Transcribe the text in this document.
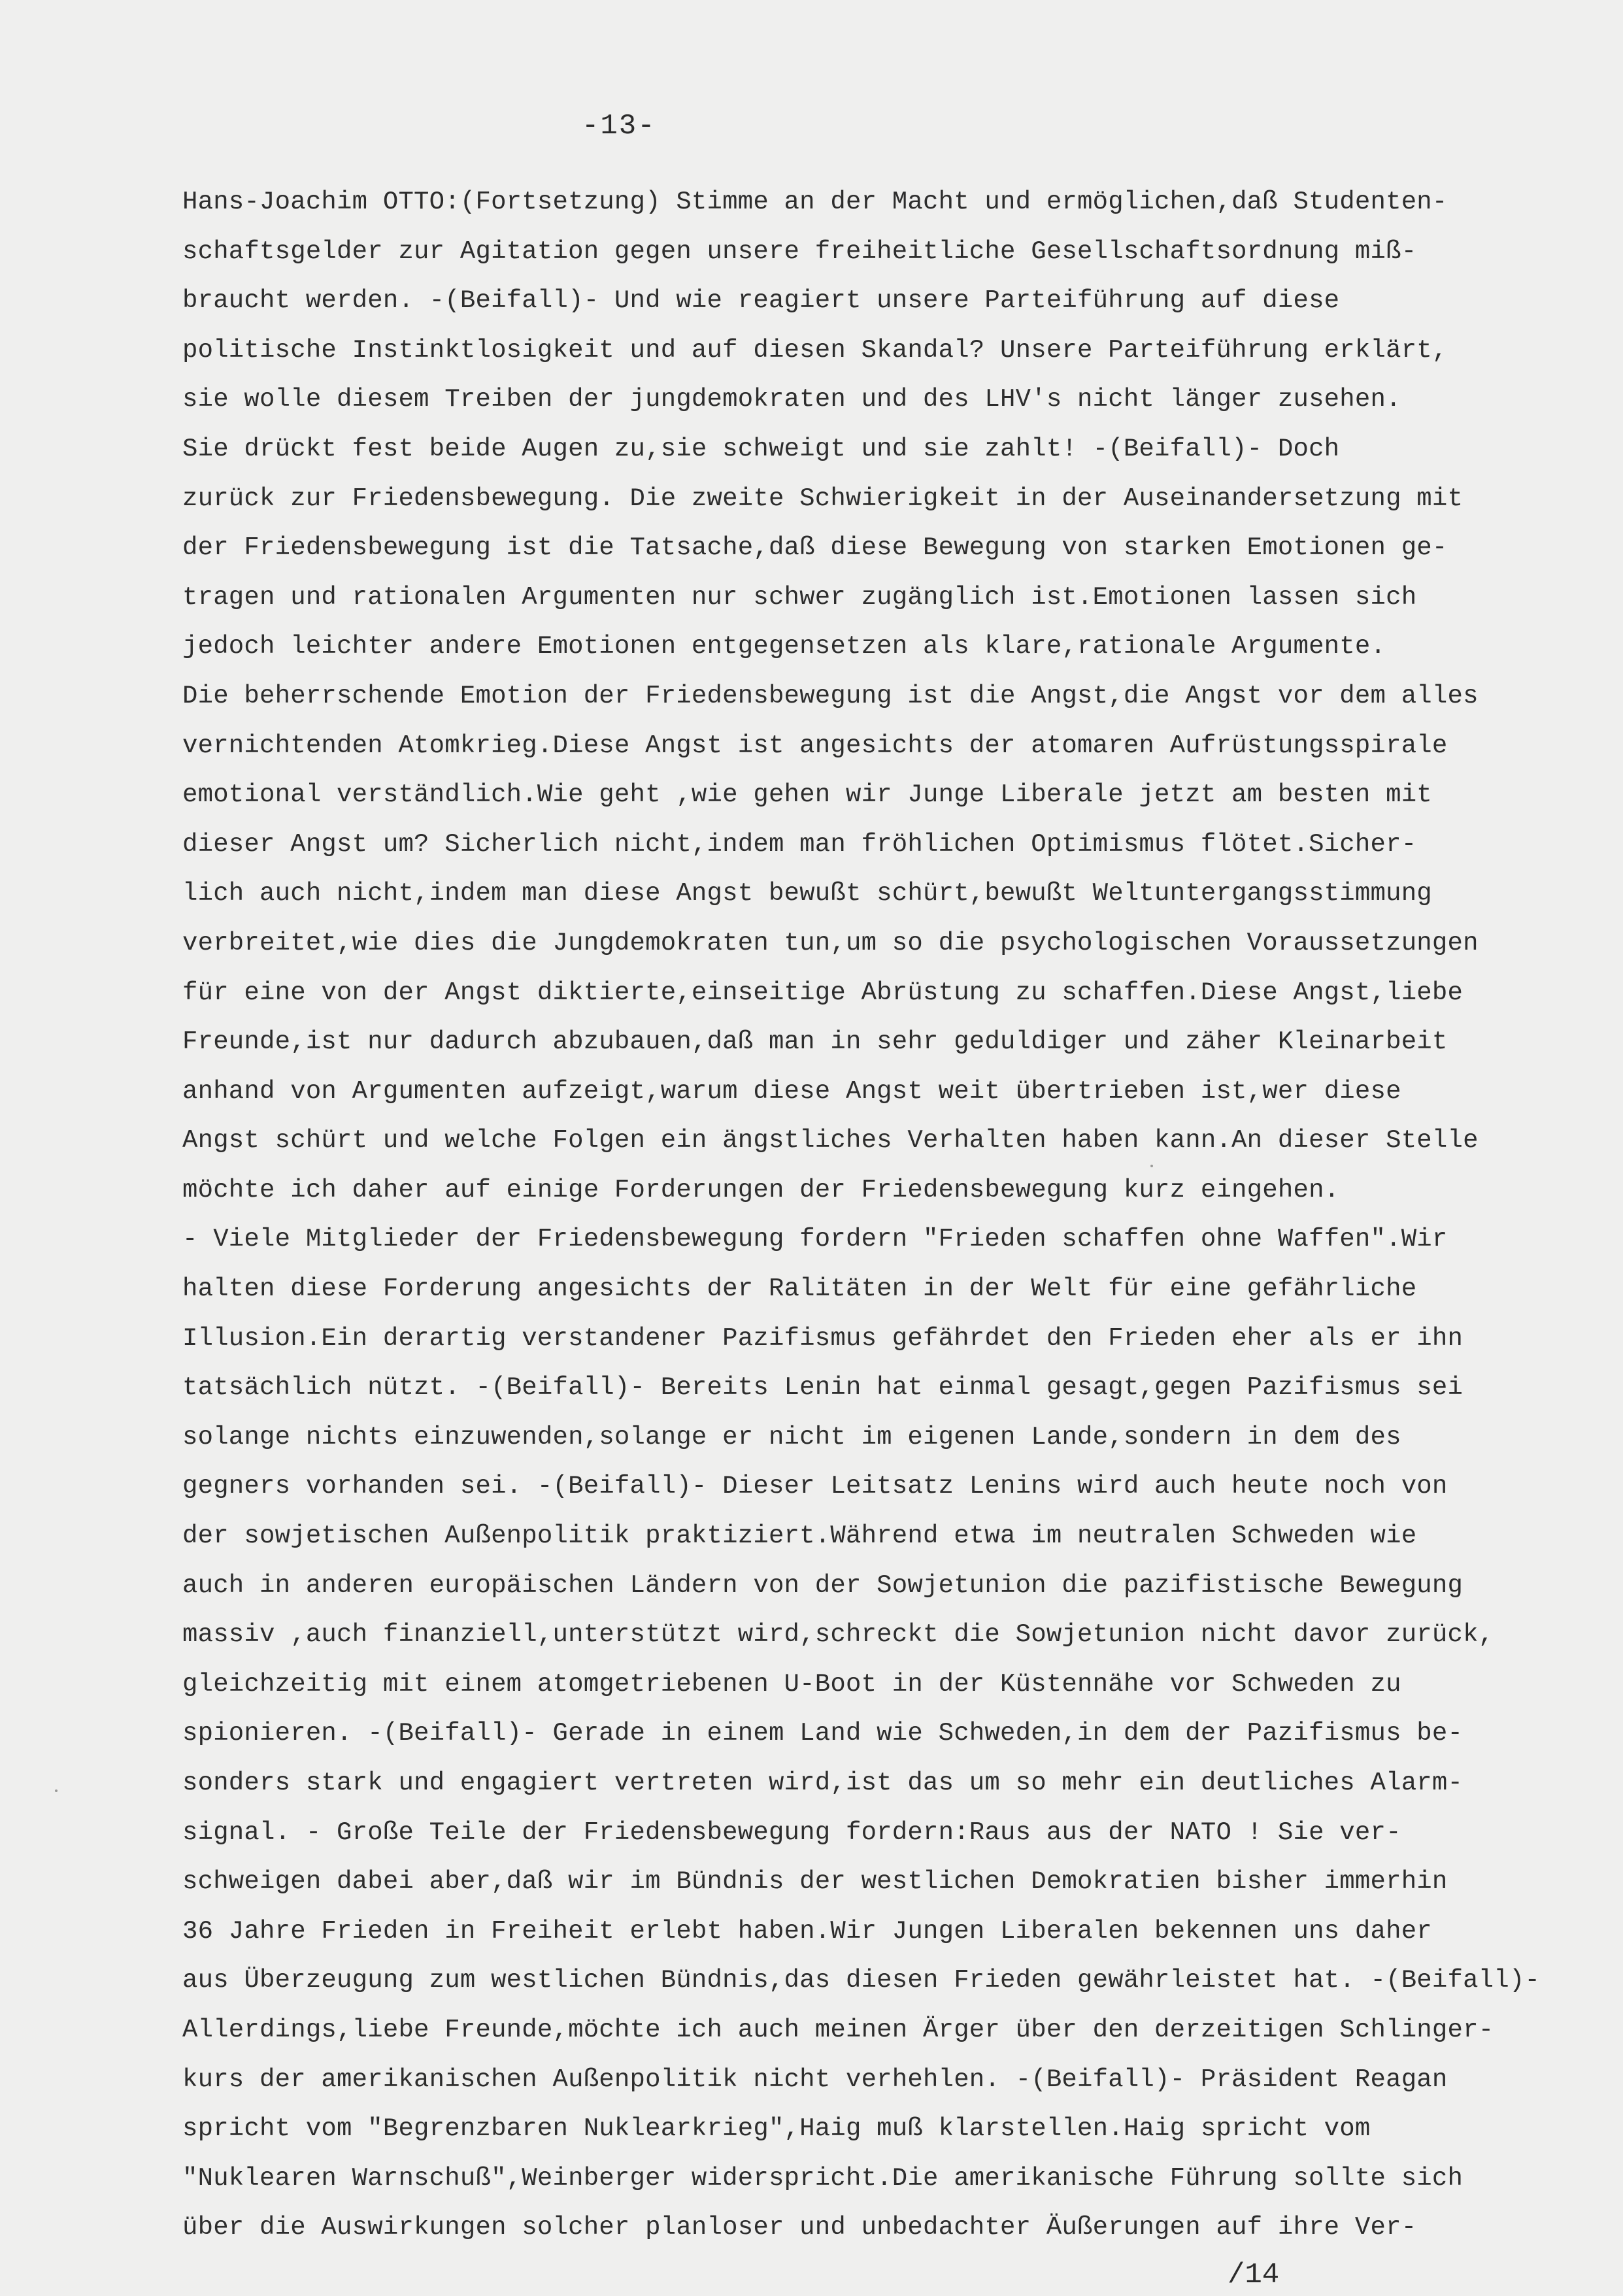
-13-

Hans-Joachim OTTO:(Fortsetzung) Stimme an der Macht und ermöglichen,daß Studenten-
schaftsgelder zur Agitation gegen unsere freiheitliche Gesellschaftsordnung miß-
braucht werden. -(Beifall)- Und wie reagiert unsere Parteiführung auf diese
politische Instinktlosigkeit und auf diesen Skandal? Unsere Parteiführung erklärt,
sie wolle diesem Treiben der jungdemokraten und des LHV's nicht länger zusehen.
Sie drückt fest beide Augen zu,sie schweigt und sie zahlt! -(Beifall)- Doch
zurück zur Friedensbewegung. Die zweite Schwierigkeit in der Auseinandersetzung mit
der Friedensbewegung ist die Tatsache,daß diese Bewegung von starken Emotionen ge-
tragen und rationalen Argumenten nur schwer zugänglich ist.Emotionen lassen sich
jedoch leichter andere Emotionen entgegensetzen als klare,rationale Argumente.
Die beherrschende Emotion der Friedensbewegung ist die Angst,die Angst vor dem alles
vernichtenden Atomkrieg.Diese Angst ist angesichts der atomaren Aufrüstungsspirale
emotional verständlich.Wie geht ,wie gehen wir Junge Liberale jetzt am besten mit
dieser Angst um? Sicherlich nicht,indem man fröhlichen Optimismus flötet.Sicher-
lich auch nicht,indem man diese Angst bewußt schürt,bewußt Weltuntergangsstimmung
verbreitet,wie dies die Jungdemokraten tun,um so die psychologischen Voraussetzungen
für eine von der Angst diktierte,einseitige Abrüstung zu schaffen.Diese Angst,liebe
Freunde,ist nur dadurch abzubauen,daß man in sehr geduldiger und zäher Kleinarbeit
anhand von Argumenten aufzeigt,warum diese Angst weit übertrieben ist,wer diese
Angst schürt und welche Folgen ein ängstliches Verhalten haben kann.An dieser Stelle
möchte ich daher auf einige Forderungen der Friedensbewegung kurz eingehen.
- Viele Mitglieder der Friedensbewegung fordern "Frieden schaffen ohne Waffen".Wir
halten diese Forderung angesichts der Ralitäten in der Welt für eine gefährliche
Illusion.Ein derartig verstandener Pazifismus gefährdet den Frieden eher als er ihn
tatsächlich nützt. -(Beifall)- Bereits Lenin hat einmal gesagt,gegen Pazifismus sei
solange nichts einzuwenden,solange er nicht im eigenen Lande,sondern in dem des
gegners vorhanden sei. -(Beifall)- Dieser Leitsatz Lenins wird auch heute noch von
der sowjetischen Außenpolitik praktiziert.Während etwa im neutralen Schweden wie
auch in anderen europäischen Ländern von der Sowjetunion die pazifistische Bewegung
massiv ,auch finanziell,unterstützt wird,schreckt die Sowjetunion nicht davor zurück,
gleichzeitig mit einem atomgetriebenen U-Boot in der Küstennähe vor Schweden zu
spionieren. -(Beifall)- Gerade in einem Land wie Schweden,in dem der Pazifismus be-
sonders stark und engagiert vertreten wird,ist das um so mehr ein deutliches Alarm-
signal. - Große Teile der Friedensbewegung fordern:Raus aus der NATO ! Sie ver-
schweigen dabei aber,daß wir im Bündnis der westlichen Demokratien bisher immerhin
36 Jahre Frieden in Freiheit erlebt haben.Wir Jungen Liberalen bekennen uns daher
aus Überzeugung zum westlichen Bündnis,das diesen Frieden gewährleistet hat. -(Beifall)-
Allerdings,liebe Freunde,möchte ich auch meinen Ärger über den derzeitigen Schlinger-
kurs der amerikanischen Außenpolitik nicht verhehlen. -(Beifall)- Präsident Reagan
spricht vom "Begrenzbaren Nuklearkrieg",Haig muß klarstellen.Haig spricht vom
"Nuklearen Warnschuß",Weinberger widerspricht.Die amerikanische Führung sollte sich
über die Auswirkungen solcher planloser und unbedachter Äußerungen auf ihre Ver-

/14
